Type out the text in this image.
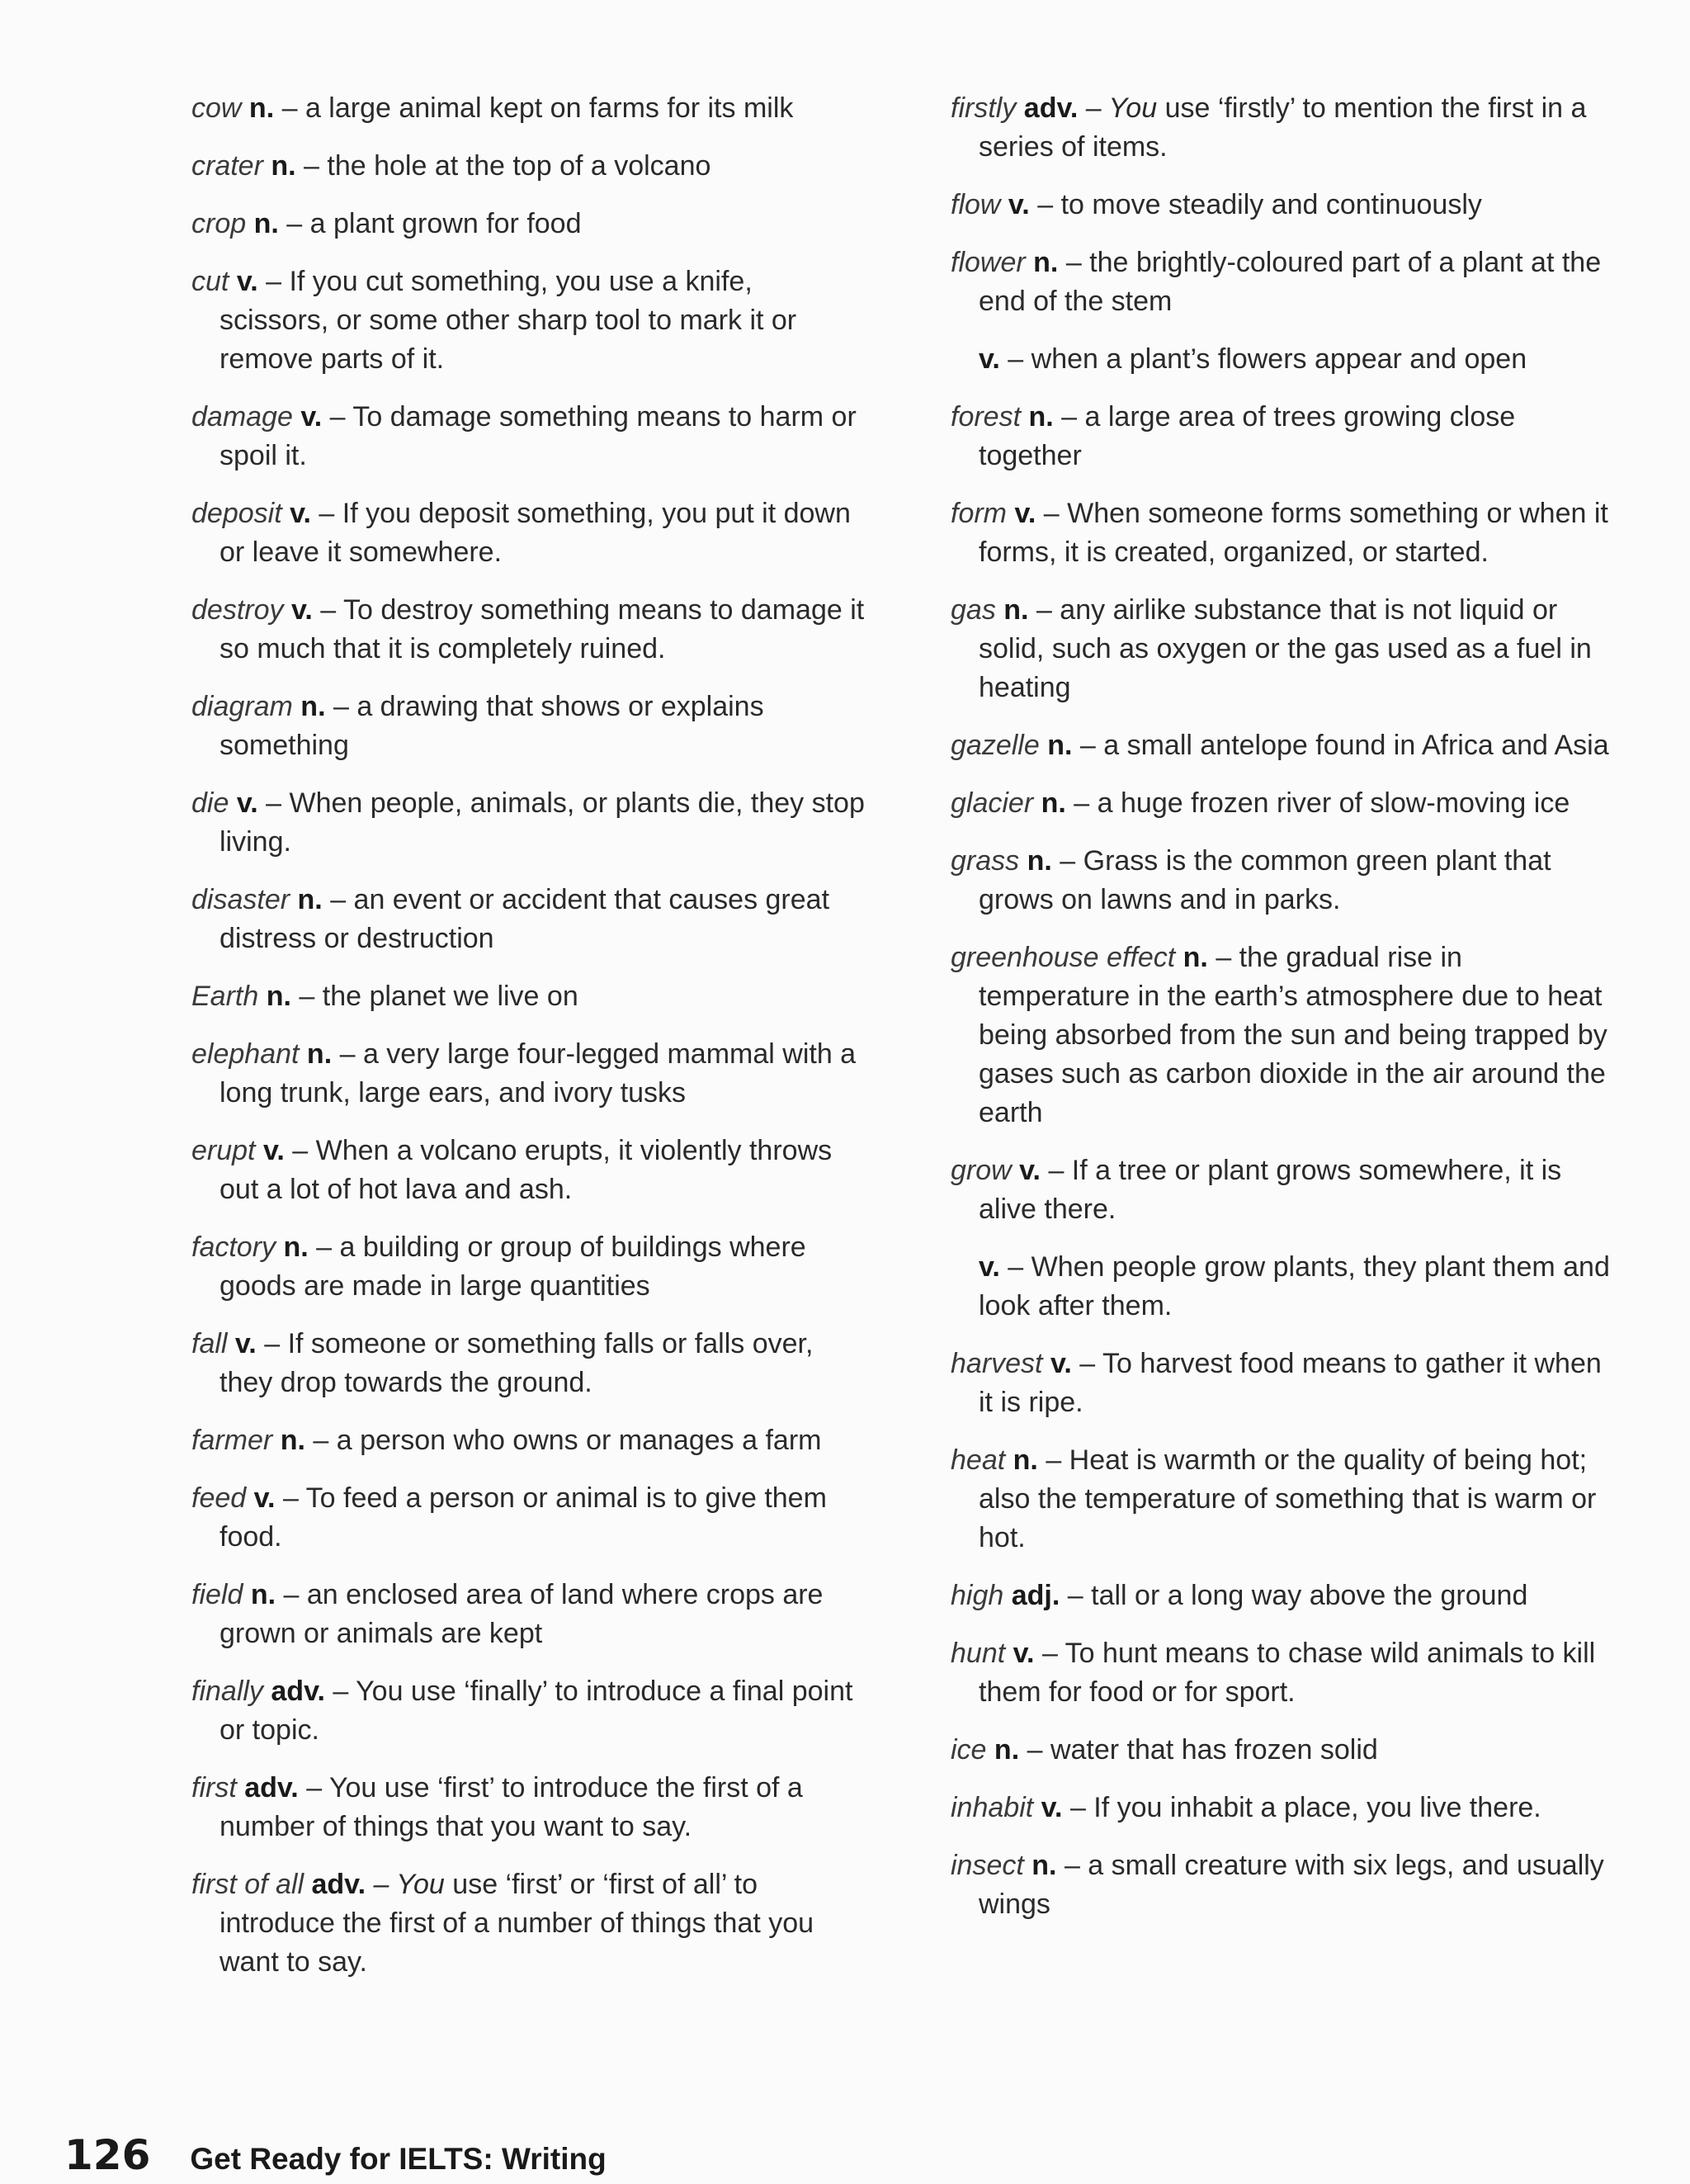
cow n. – a large animal kept on farms for its milk

crater n. – the hole at the top of a volcano

crop n. – a plant grown for food

cut v. – If you cut something, you use a knife, scissors, or some other sharp tool to mark it or remove parts of it.

damage v. – To damage something means to harm or spoil it.

deposit v. – If you deposit something, you put it down or leave it somewhere.

destroy v. – To destroy something means to damage it so much that it is completely ruined.

diagram n. – a drawing that shows or explains something

die v. – When people, animals, or plants die, they stop living.

disaster n. – an event or accident that causes great distress or destruction

Earth n. – the planet we live on

elephant n. – a very large four-legged mammal with a long trunk, large ears, and ivory tusks

erupt v. – When a volcano erupts, it violently throws out a lot of hot lava and ash.

factory n. – a building or group of buildings where goods are made in large quantities

fall v. – If someone or something falls or falls over, they drop towards the ground.

farmer n. – a person who owns or manages a farm

feed v. – To feed a person or animal is to give them food.

field n. – an enclosed area of land where crops are grown or animals are kept

finally adv. – You use ‘finally’ to introduce a final point or topic.

first adv. – You use ‘first’ to introduce the first of a number of things that you want to say.

first of all adv. – You use ‘first’ or ‘first of all’ to introduce the first of a number of things that you want to say.

firstly adv. – You use ‘firstly’ to mention the first in a series of items.

flow v. – to move steadily and continuously

flower n. – the brightly-coloured part of a plant at the end of the stem

v. – when a plant’s flowers appear and open

forest n. – a large area of trees growing close together

form v. – When someone forms something or when it forms, it is created, organized, or started.

gas n. – any airlike substance that is not liquid or solid, such as oxygen or the gas used as a fuel in heating

gazelle n. – a small antelope found in Africa and Asia

glacier n. – a huge frozen river of slow-moving ice

grass n. – Grass is the common green plant that grows on lawns and in parks.

greenhouse effect n. – the gradual rise in temperature in the earth’s atmosphere due to heat being absorbed from the sun and being trapped by gases such as carbon dioxide in the air around the earth

grow v. – If a tree or plant grows somewhere, it is alive there.

v. – When people grow plants, they plant them and look after them.

harvest v. – To harvest food means to gather it when it is ripe.

heat n. – Heat is warmth or the quality of being hot; also the temperature of something that is warm or hot.

high adj. – tall or a long way above the ground

hunt v. – To hunt means to chase wild animals to kill them for food or for sport.

ice n. – water that has frozen solid

inhabit v. – If you inhabit a place, you live there.

insect n. – a small creature with six legs, and usually wings

126 Get Ready for IELTS: Writing
